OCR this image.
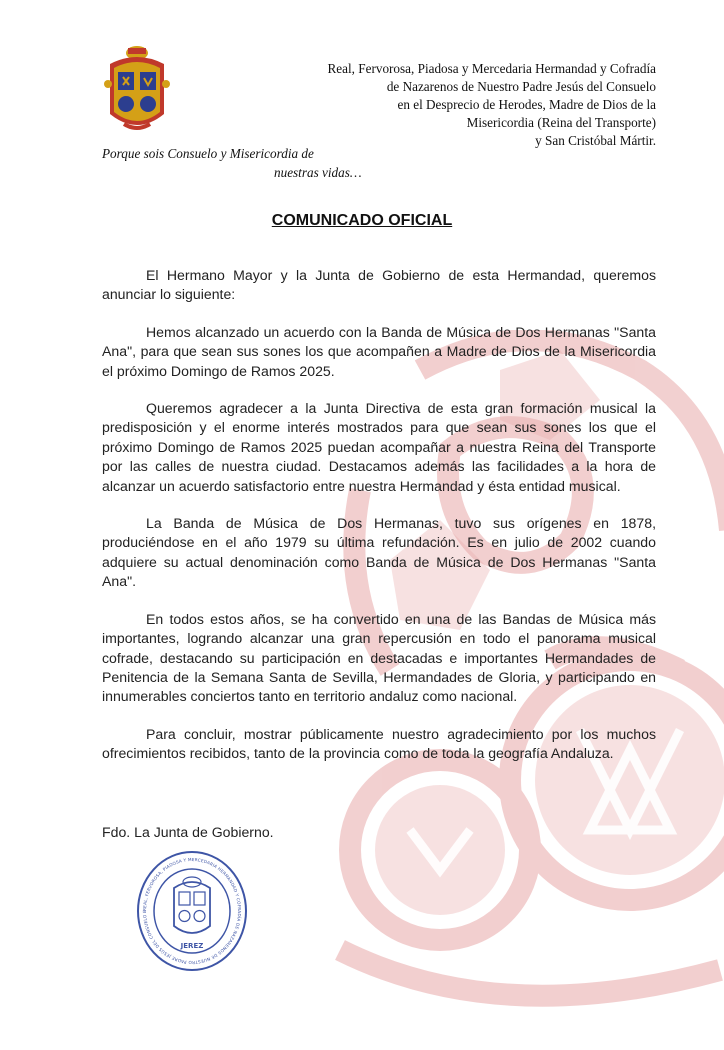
Real, Fervorosa, Piadosa y Mercedaria Hermandad y Cofradía
de Nazarenos de Nuestro Padre Jesús del Consuelo
en el Desprecio de Herodes, Madre de Dios de la
Misericordia (Reina del Transporte)
y San Cristóbal Mártir.
Porque sois Consuelo y Misericordia de
nuestras vidas…
COMUNICADO OFICIAL

El Hermano Mayor y la Junta de Gobierno de esta Hermandad, queremos anunciar lo siguiente:

Hemos alcanzado un acuerdo con la Banda de Música de Dos Hermanas "Santa Ana", para que sean sus sones los que acompañen a Madre de Dios de la Misericordia el próximo Domingo de Ramos 2025.

Queremos agradecer a la Junta Directiva de esta gran formación musical la predisposición y el enorme interés mostrados para que sean sus sones los que el próximo Domingo de Ramos 2025 puedan acompañar a nuestra Reina del Transporte por las calles de nuestra ciudad. Destacamos además las facilidades a la hora de alcanzar un acuerdo satisfactorio entre nuestra Hermandad y ésta entidad musical.

La Banda de Música de Dos Hermanas, tuvo sus orígenes en 1878, produciéndose en el año 1979 su última refundación. Es en julio de 2002 cuando adquiere su actual denominación como Banda de Música de Dos Hermanas "Santa Ana".

En todos estos años, se ha convertido en una de las Bandas de Música más importantes, logrando alcanzar una gran repercusión en todo el panorama musical cofrade, destacando su participación en destacadas e importantes Hermandades de Penitencia de la Semana Santa de Sevilla, Hermandades de Gloria, y participando en innumerables conciertos tanto en territorio andaluz como nacional.

Para concluir, mostrar públicamente nuestro agradecimiento por los muchos ofrecimientos recibidos, tanto de la provincia como de toda la geografía Andaluza.

Fdo. La Junta de Gobierno.
REAL, FERVOROSA, PIADOSA Y MERCEDARIA HERMANDAD Y COFRADÍA DE NAZARENOS DE NUESTRO PADRE JESÚS DEL CONSUELO E
JEREZ
